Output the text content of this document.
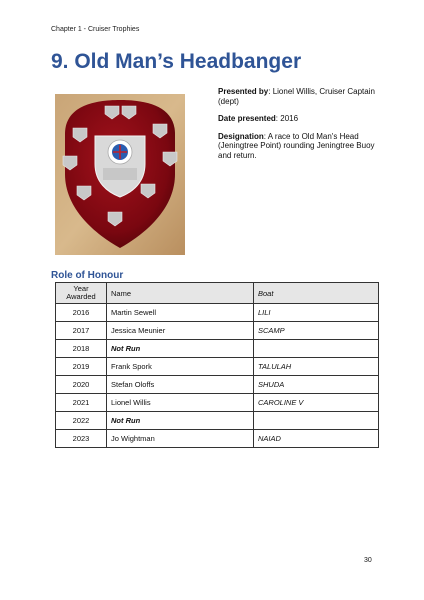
Chapter 1 - Cruiser Trophies
9. Old Man’s Headbanger

Presented by: Lionel Willis, Cruiser Captain (dept)

Date presented: 2016

Designation: A race to Old Man's Head (Jeningtree Point) rounding Jeningtree Buoy and return.

Role of Honour
Year
Awarded	Name	Boat
2016	Martin Sewell	LILI
2017	Jessica Meunier	SCAMP
2018	Not Run	
2019	Frank Spork	TALULAH
2020	Stefan Oloffs	SHUDA
2021	Lionel Willis	CAROLINE V
2022	Not Run	
2023	Jo Wightman	NAIAD
30
